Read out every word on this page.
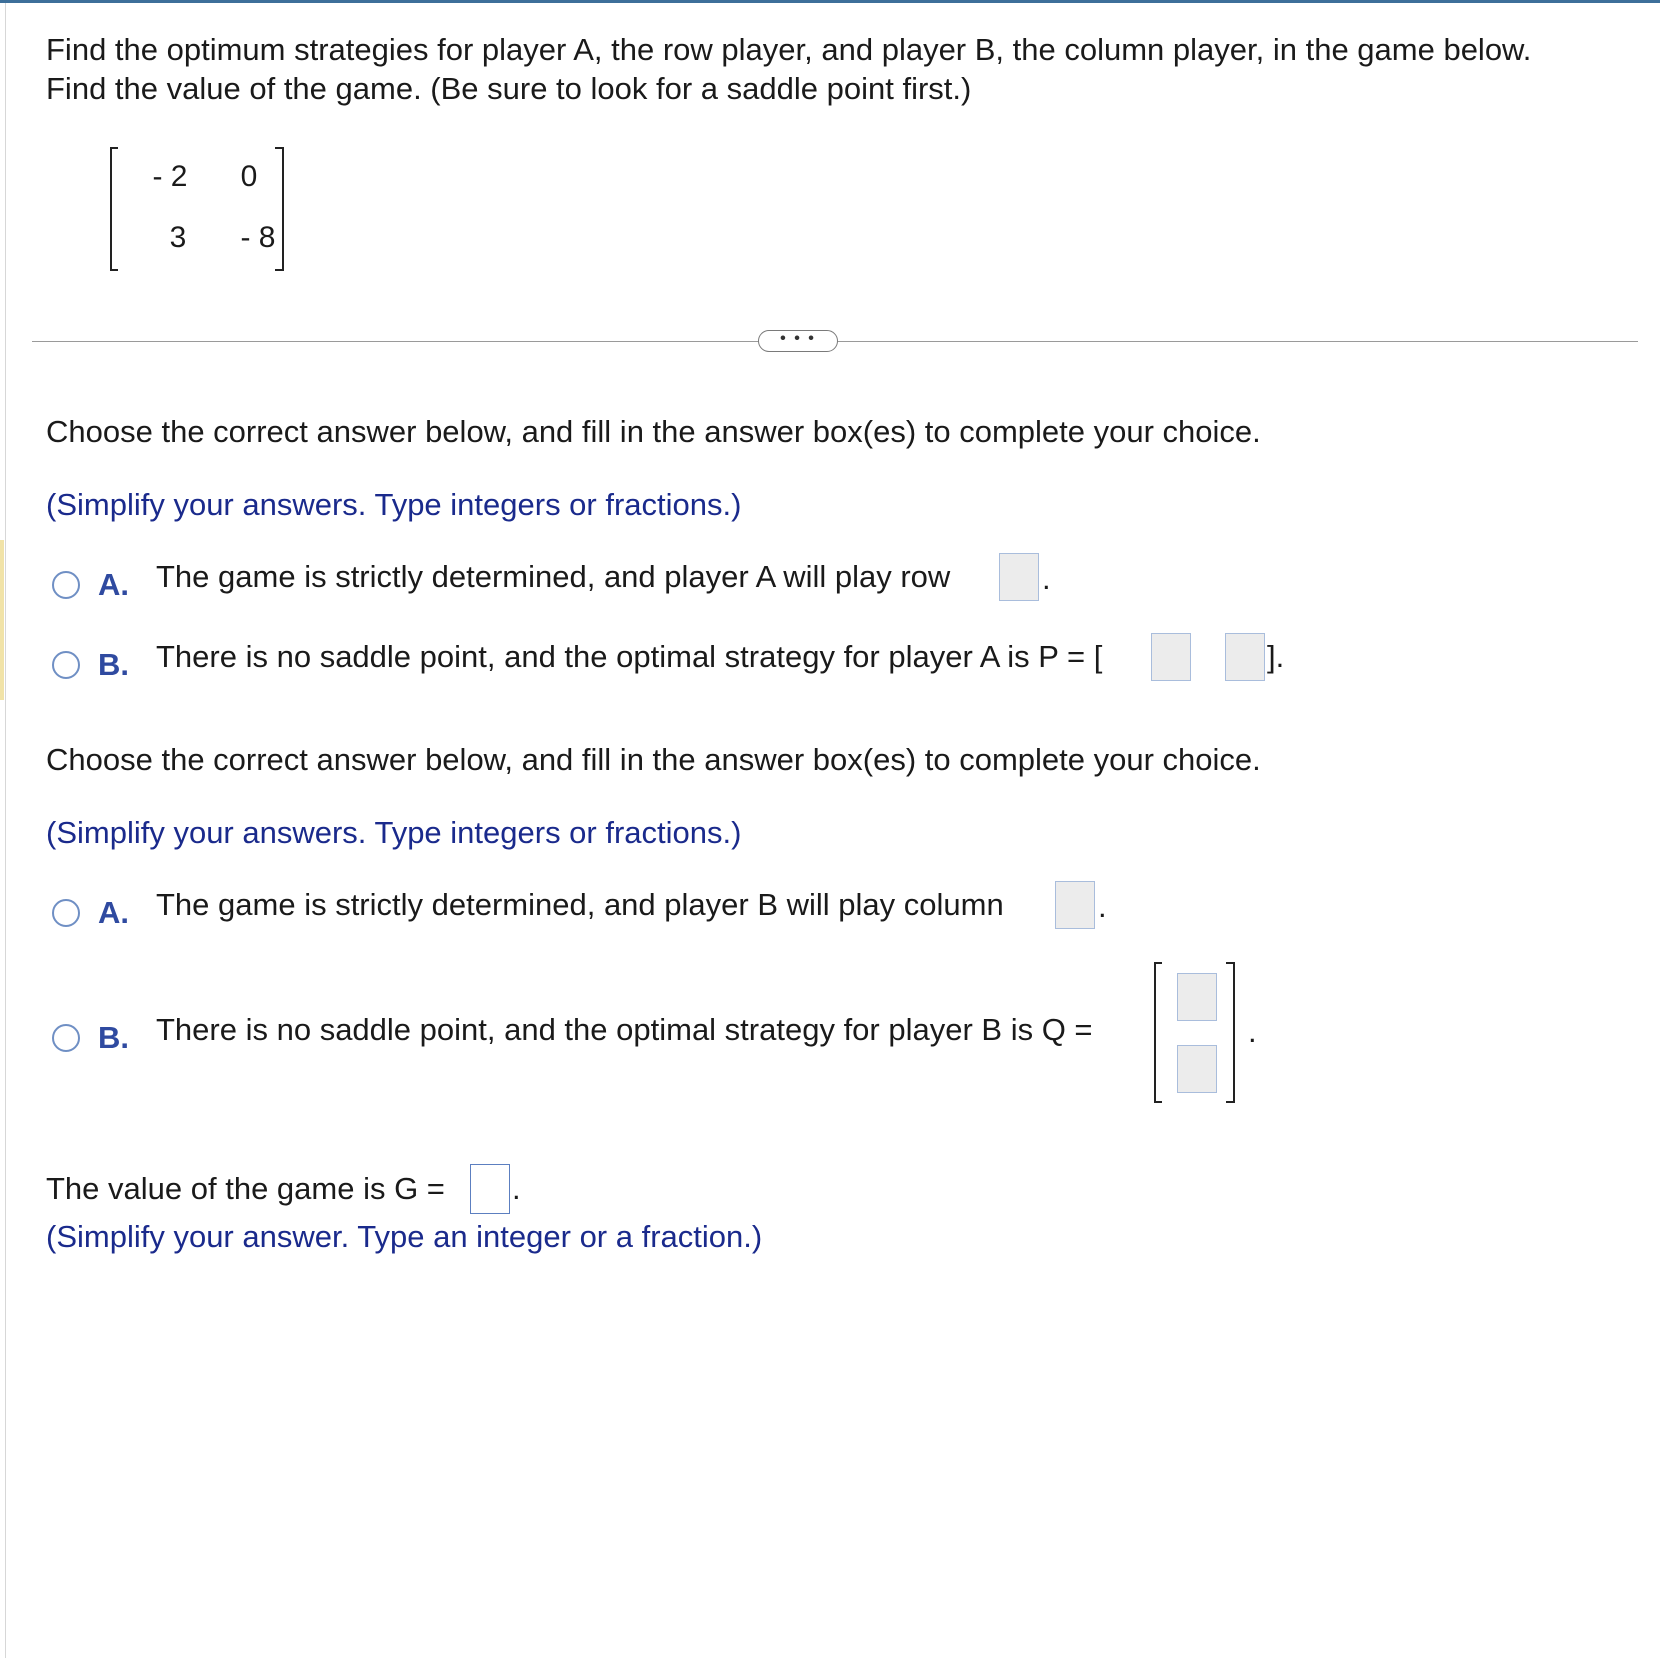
Find the optimum strategies for player A, the row player, and player B, the column player, in the game below.
Find the value of the game. (Be sure to look for a saddle point first.)
- 2	0
3	- 8
• • •
Choose the correct answer below, and fill in the answer box(es) to complete your choice.
(Simplify your answers. Type integers or fractions.)
A. The game is strictly determined, and player A will play row	.
B. There is no saddle point, and the optimal strategy for player A is P = [	].
Choose the correct answer below, and fill in the answer box(es) to complete your choice.
(Simplify your answers. Type integers or fractions.)
A. The game is strictly determined, and player B will play column	.
B. There is no saddle point, and the optimal strategy for player B is Q =	.
The value of the game is G = .
(Simplify your answer. Type an integer or a fraction.)
